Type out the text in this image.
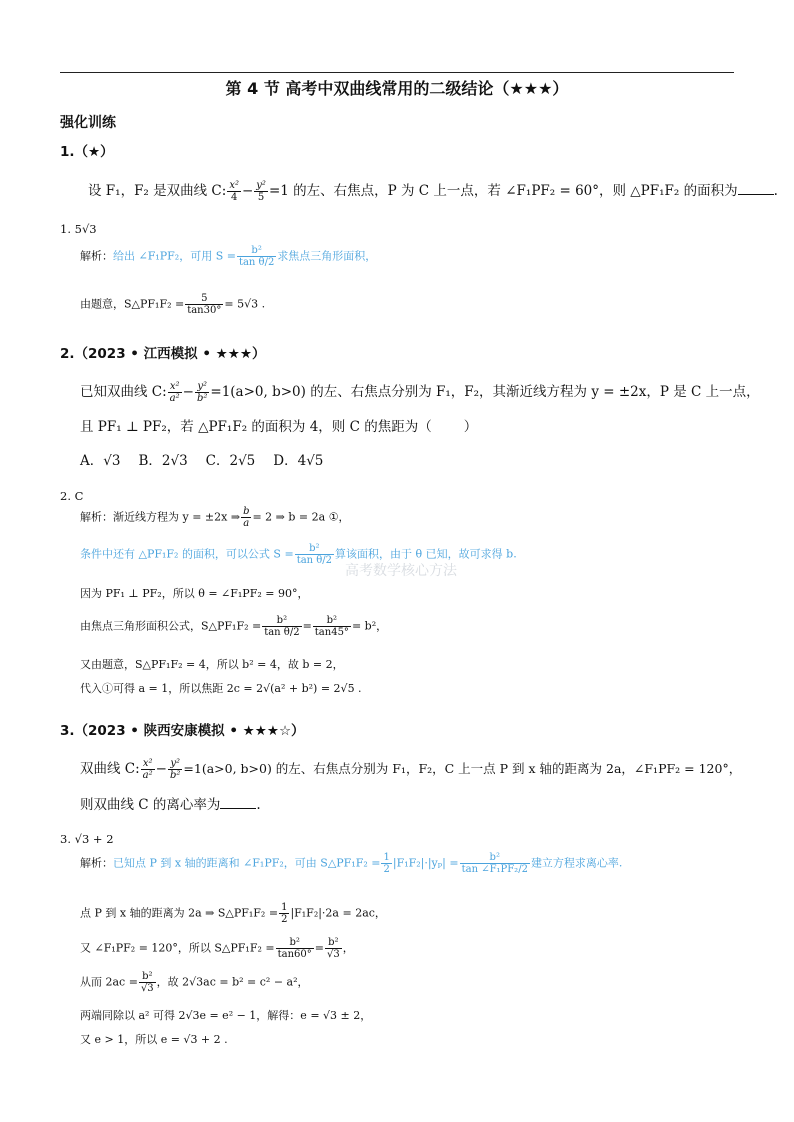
第 4 节 高考中双曲线常用的二级结论（★★★）
强化训练
1.（★）
设 F₁，F₂ 是双曲线 C: $\frac{\text{x²}}{4} - \frac{\text{y²}}{5} =1$ 的左、右焦点，P 为 C 上一点，若 ∠F₁PF₂ = 60°，则 △PF₁F₂ 的面积为	.
1. 5√3
解析：给出 ∠F₁PF₂，可用 $S = \frac{\text{b²}}{\text{tan θ/2}}$ 求焦点三角形面积，
由题意，S△PF₁F₂ = $\frac{5}{\tan 30^\circ} = 5√3$ .
2.（2023 • 江西模拟 • ★★★）
已知双曲线 C: $\frac{\text{x²}}{\text{a²}} - \frac{\text{y²}}{\text{b²}} =1(a>0$, b>0) 的左、右焦点分别为 F₁，F₂，其渐近线方程为 y = ±2x，P 是 C 上一点，
且 PF₁ ⊥ PF₂，若 △PF₁F₂ 的面积为 4，则 C 的焦距为（ ）
A．√3 B．2√3 C．2√5 D．4√5
2. C
解析：渐近线方程为 y = ±2x ⇒ $\frac{b}{a} = 2$ ⇒ b = 2a ①，
条件中还有 △PF₁F₂ 的面积，可以公式 $S = \frac{\text{b²}}{\text{tan θ/2}}$ 算该面积，由于 θ 已知，故可求得 b.
因为 PF₁ ⊥ PF₂，所以 θ = ∠F₁PF₂ = 90°，
由焦点三角形面积公式，S△PF₁F₂ = $\frac{\text{b²}}{\text{tan θ/2}} = \frac{\text{b²}}{\tan 45^\circ} = b^2$，
又由题意，S△PF₁F₂ = 4，所以 b² = 4，故 b = 2，
代入①可得 a = 1，所以焦距 2c = 2√(a² + b²) = 2√5 .
3.（2023 • 陕西安康模拟 • ★★★☆）
双曲线 C: $\frac{\text{x²}}{\text{a²}} - \frac{\text{y²}}{\text{b²}} =1(a>0$, b>0) 的左、右焦点分别为 F₁，F₂，C 上一点 P 到 x 轴的距离为 2a，∠F₁PF₂ = 120°，
则双曲线 C 的离心率为	.
3. √3 + 2
解析：已知点 P 到 x 轴的距离和 ∠F₁PF₂，可由 S△PF₁F₂ = $\frac{1}{2} |F_1F_2|\cdot|y_p| = \frac{\text{b²}}{\text{tan ∠F₁PF₂/2}}$ 建立方程求离心率.
点 P 到 x 轴的距离为 2a ⇒ S△PF₁F₂ = $\frac{1}{2} |F_1F_2|\cdot 2a = 2ac$，
又 ∠F₁PF₂ = 120°，所以 S△PF₁F₂ = $\frac{\text{b²}}{\tan 60^\circ} = \frac{\text{b²}}{√3}$ ，
从而 $2ac = \frac{\text{b²}}{√3}$ ，故 2√3ac = b² = c² − a²，
两端同除以 a² 可得 2√3e = e² − 1，解得：e = √3 ± 2，
又 e > 1，所以 e = √3 + 2 .
高考数学核心方法
